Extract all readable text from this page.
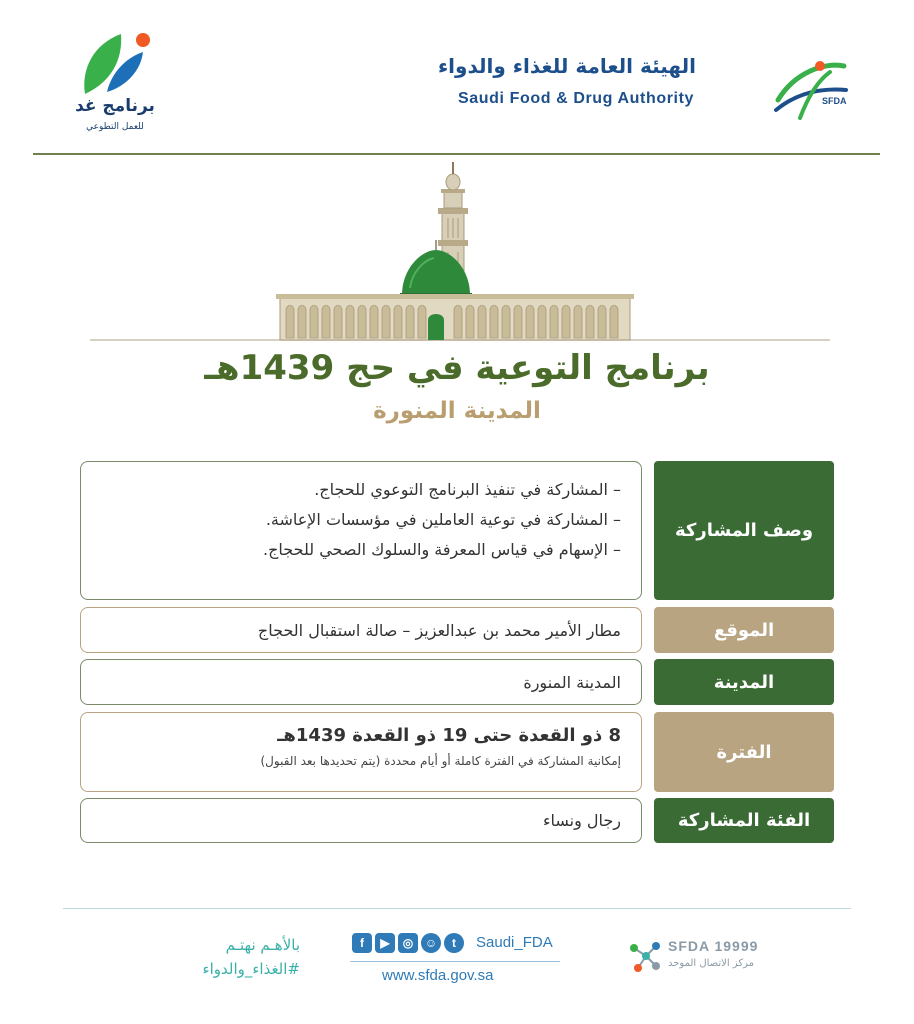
الهيئة العامة للغذاء والدواء
Saudi Food & Drug Authority	SFDA
برنامج غد
للعمل التطوعي
برنامج التوعية في حج 1439هـ
المدينة المنورة
وصف المشاركة
– المشاركة في تنفيذ البرنامج التوعوي للحجاج.
– المشاركة في توعية العاملين في مؤسسات الإعاشة.
– الإسهام في قياس المعرفة والسلوك الصحي للحجاج.
الموقع
مطار الأمير محمد بن عبدالعزيز – صالة استقبال الحجاج
المدينة
المدينة المنورة
الفترة
8 ذو القعدة حتى 19 ذو القعدة 1439هـ
إمكانية المشاركة في الفترة كاملة أو أيام محددة (يتم تحديدها بعد القبول)
الفئة المشاركة
رجال ونساء
SFDA 19999
مركز الاتصال الموحد
f	▶	◎ ☺	t	Saudi_FDA
www.sfda.gov.sa
بالأهـم نهتـم
#الغذاء_والدواء
